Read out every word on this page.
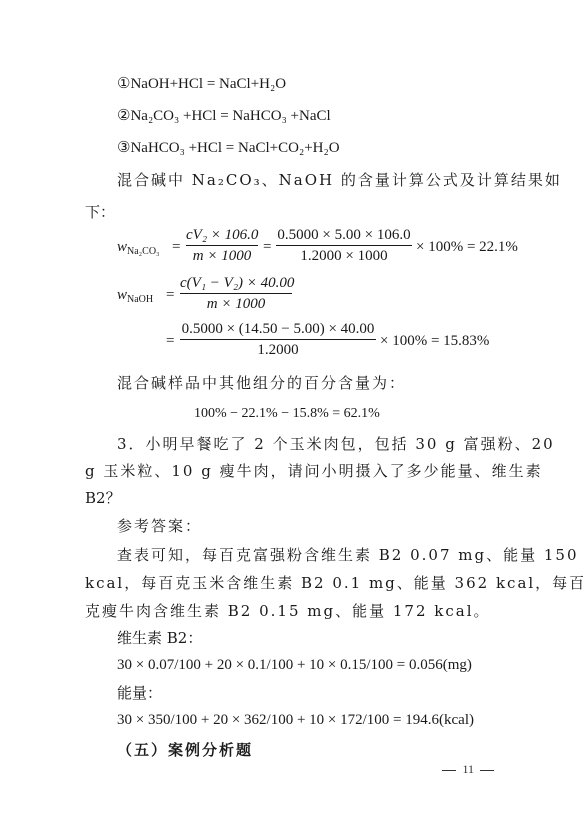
①NaOH+HCl = NaCl+H₂O
②Na₂CO₃ +HCl = NaHCO₃ +NaCl
③NaHCO₃ +HCl = NaCl+CO₂+H₂O
混合碱中 Na₂CO₃、NaOH 的含量计算公式及计算结果如
下：
$w_{Na_2CO_3}$ =
cV₂ × 106.0
m × 1000
=
0.5000 × 5.00 × 106.0
1.2000 × 1000
× 100% = 22.1%
$w_{NaOH}$ =
c(V₁ − V₂) × 40.00
m × 1000
=
0.5000 × (14.50 − 5.00) × 40.00
1.2000
× 100% = 15.83%
混合碱样品中其他组分的百分含量为：
100% − 22.1% − 15.8% = 62.1%
3．小明早餐吃了 2 个玉米肉包，包括 30 g 富强粉、20
g 玉米粒、10 g 瘦牛肉，请问小明摄入了多少能量、维生素
B2？
参考答案：
查表可知，每百克富强粉含维生素 B2 0.07 mg、能量 150
kcal，每百克玉米含维生素 B2 0.1 mg、能量 362 kcal，每百
克瘦牛肉含维生素 B2 0.15 mg、能量 172 kcal。
维生素 B2：
30 × 0.07/100 + 20 × 0.1/100 + 10 × 0.15/100 = 0.056(mg)
能量：
30 × 350/100 + 20 × 362/100 + 10 × 172/100 = 194.6(kcal)
（五）案例分析题
11
